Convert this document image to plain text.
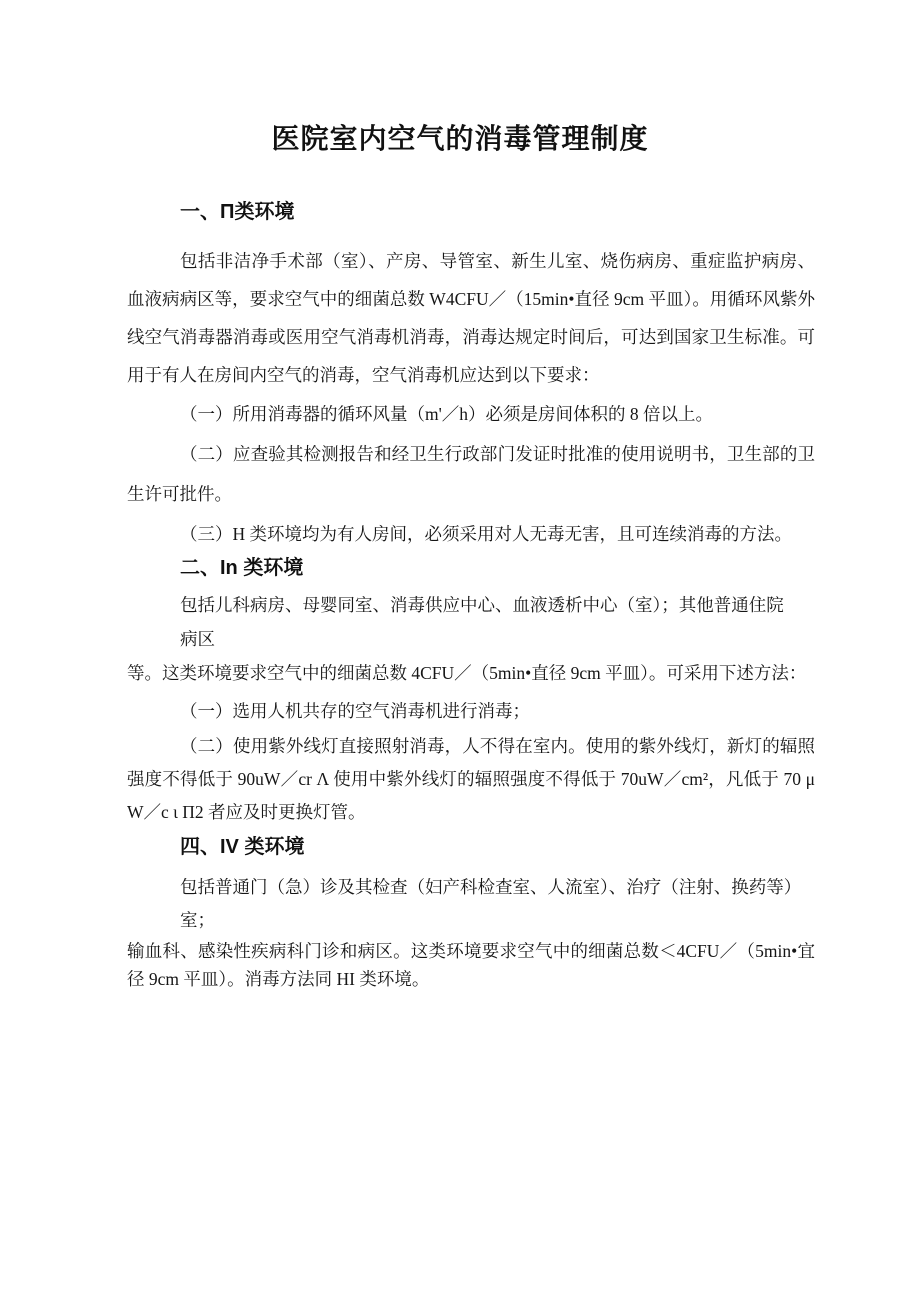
医院室内空气的消毒管理制度
一、Π类环境

包括非洁净手术部（室）、产房、导管室、新生儿室、烧伤病房、重症监护病房、血液病病区等，要求空气中的细菌总数 W4CFU／（15min•直径 9cm 平皿）。用循环风紫外线空气消毒器消毒或医用空气消毒机消毒，消毒达规定时间后，可达到国家卫生标准。可用于有人在房间内空气的消毒，空气消毒机应达到以下要求：

（一）所用消毒器的循环风量（m'／h）必须是房间体积的 8 倍以上。

（二）应查验其检测报告和经卫生行政部门发证时批准的使用说明书，卫生部的卫生许可批件。

（三）H 类环境均为有人房间，必须采用对人无毒无害，且可连续消毒的方法。

二、In 类环境

包括儿科病房、母婴同室、消毒供应中心、血液透析中心（室）；其他普通住院

病区

等。这类环境要求空气中的细菌总数 4CFU／（5min•直径 9cm 平皿）。可采用下述方法：

（一）选用人机共存的空气消毒机进行消毒；

（二）使用紫外线灯直接照射消毒，人不得在室内。使用的紫外线灯，新灯的辐照强度不得低于 90uW／cr Λ 使用中紫外线灯的辐照强度不得低于 70uW／cm²，凡低于 70 μ W／c ι Π2 者应及时更换灯管。

四、IV 类环境

包括普通门（急）诊及其检查（妇产科检查室、人流室）、治疗（注射、换药等）

室；

输血科、感染性疾病科门诊和病区。这类环境要求空气中的细菌总数＜4CFU／（5min•宜径 9cm 平皿）。消毒方法同 HI 类环境。
